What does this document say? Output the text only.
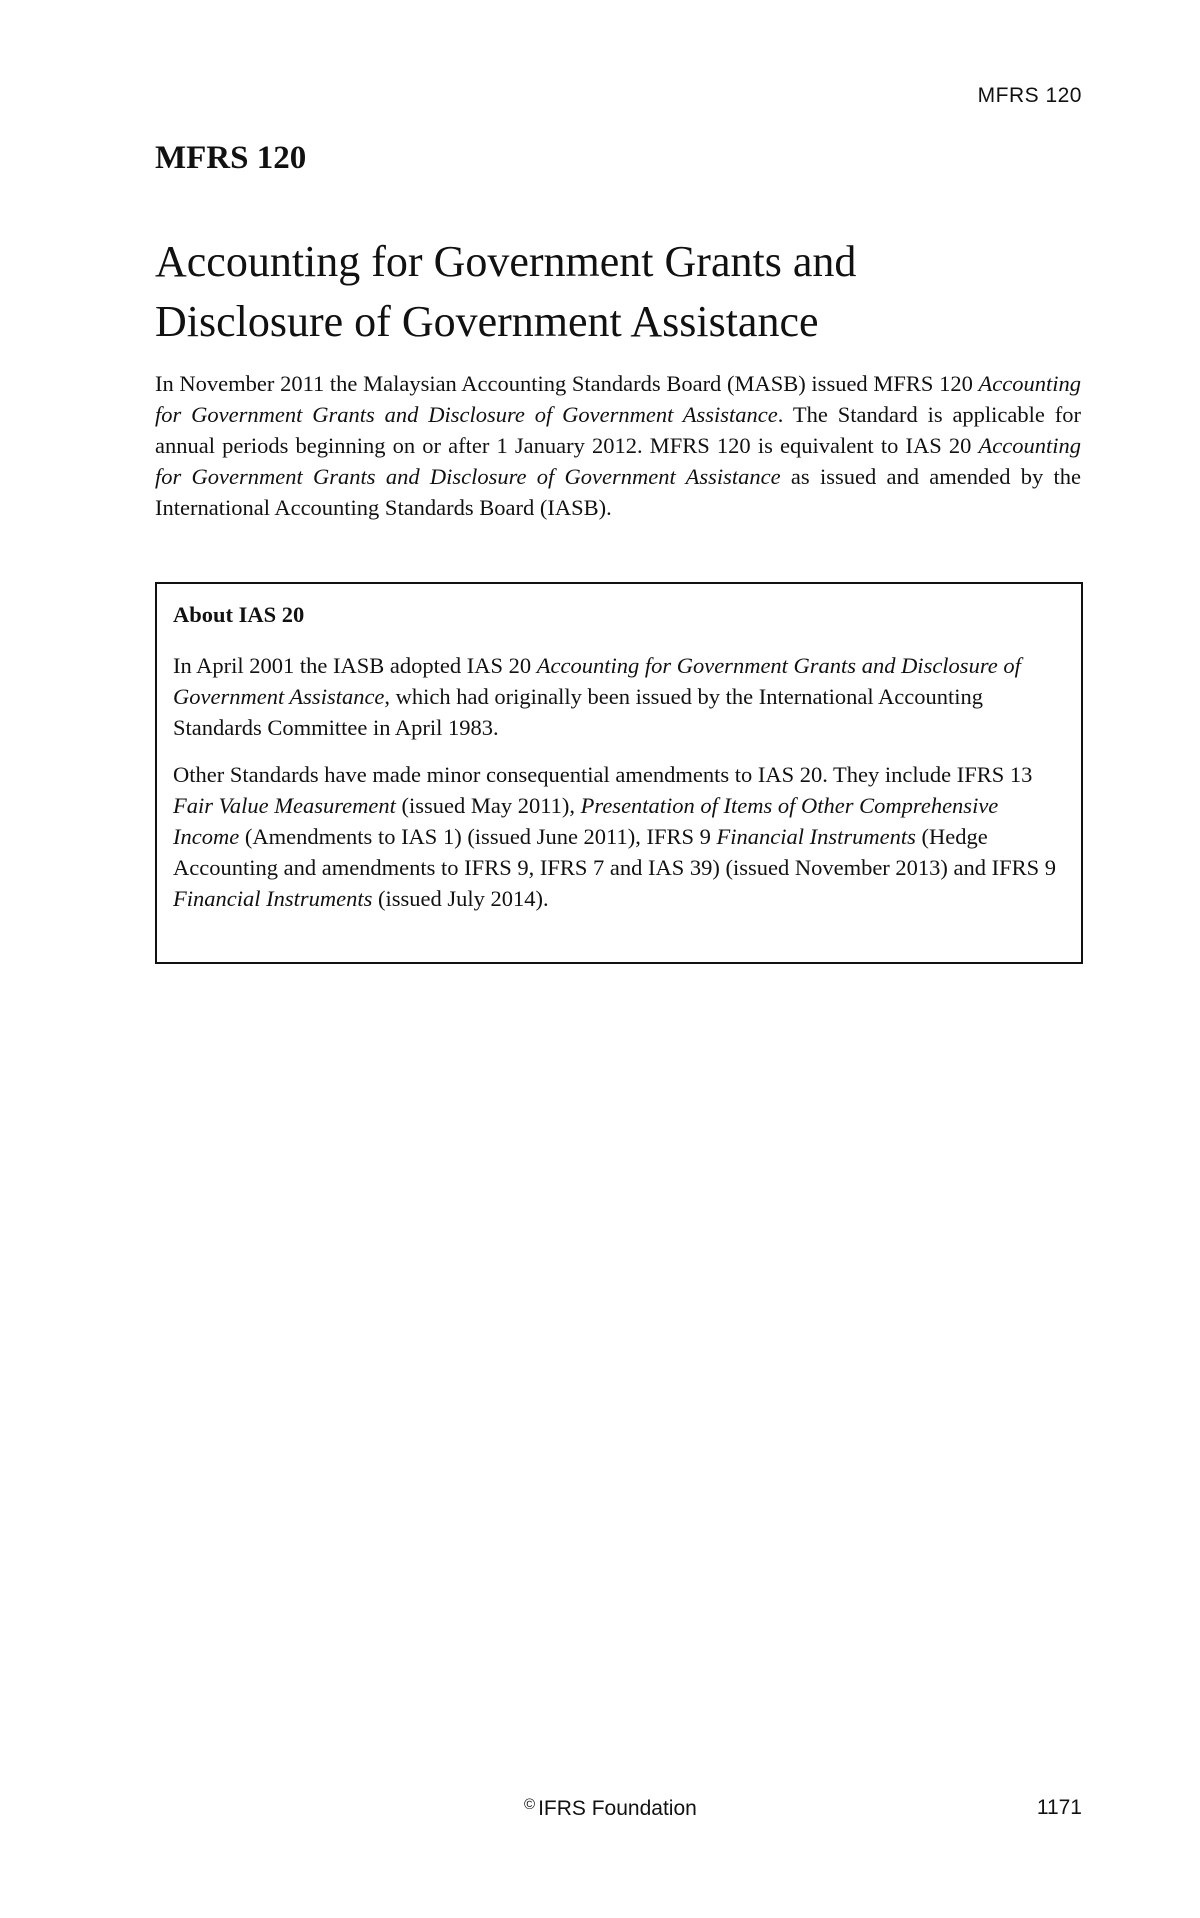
MFRS 120
MFRS 120
Accounting for Government Grants and
Disclosure of Government Assistance

In November 2011 the Malaysian Accounting Standards Board (MASB) issued MFRS 120 Accounting for Government Grants and Disclosure of Government Assistance. The Standard is applicable for annual periods beginning on or after 1 January 2012. MFRS 120 is equivalent to IAS 20 Accounting for Government Grants and Disclosure of Government Assistance as issued and amended by the International Accounting Standards Board (IASB).

About IAS 20

In April 2001 the IASB adopted IAS 20 Accounting for Government Grants and Disclosure of Government Assistance, which had originally been issued by the International Accounting Standards Committee in April 1983.

Other Standards have made minor consequential amendments to IAS 20. They include IFRS 13 Fair Value Measurement (issued May 2011), Presentation of Items of Other Comprehensive Income (Amendments to IAS 1) (issued June 2011), IFRS 9 Financial Instruments (Hedge Accounting and amendments to IFRS 9, IFRS 7 and IAS 39) (issued November 2013) and IFRS 9 Financial Instruments (issued July 2014).

© IFRS Foundation	1171
